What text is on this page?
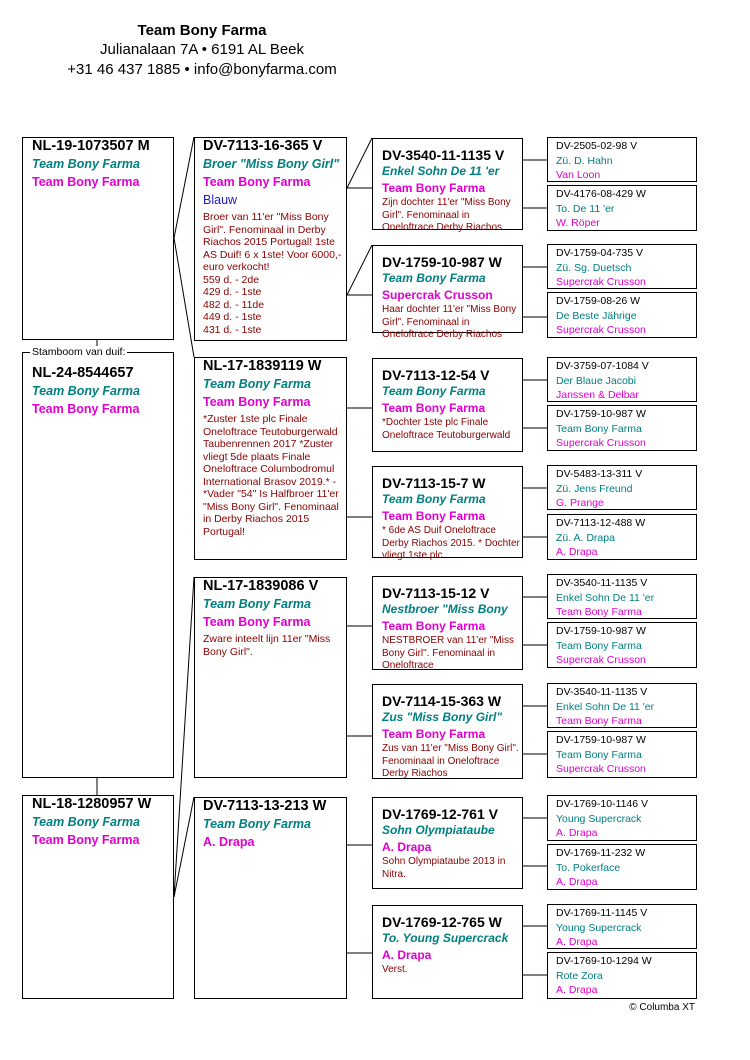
Team Bony Farma
Julianalaan 7A • 6191 AL Beek
+31 46 437 1885 • info@bonyfarma.com
NL-19-1073507 M
Team Bony Farma
Team Bony Farma
NL-24-8544657
Team Bony Farma
Team Bony Farma
Stamboom van duif:
NL-18-1280957 W
Team Bony Farma
Team Bony Farma
DV-7113-16-365 V
Broer "Miss Bony Girl"
Team Bony Farma
Blauw
Broer van 11'er "Miss Bony Girl". Fenominaal in Derby Riachos 2015 Portugal! 1ste AS Duif! 6 x 1ste! Voor 6000,- euro verkocht!
559 d. - 2de
429 d. - 1ste
482 d. - 11de
449 d. - 1ste
431 d. - 1ste
NL-17-1839119 W
Team Bony Farma
Team Bony Farma
*Zuster 1ste plc Finale Oneloftrace Teutoburgerwald Taubenrennen 2017 *Zuster vliegt 5de plaats Finale Oneloftrace Columbodromul International Brasov 2019.* - *Vader "54" Is Halfbroer 11'er "Miss Bony Girl". Fenominaal in Derby Riachos 2015 Portugal!
NL-17-1839086 V
Team Bony Farma
Team Bony Farma
Zware inteelt lijn 11er "Miss Bony Girl".
DV-7113-13-213 W
Team Bony Farma
A. Drapa
DV-3540-11-1135 V
Enkel Sohn De 11 'er
Team Bony Farma
Zijn dochter 11'er "Miss Bony Girl". Fenominaal in Oneloftrace Derby Riachos
DV-1759-10-987 W
Team Bony Farma
Supercrak Crusson
Haar dochter 11'er "Miss Bony Girl". Fenominaal in Oneloftrace Derby Riachos
DV-7113-12-54 V
Team Bony Farma
Team Bony Farma
*Dochter 1ste plc Finale Oneloftrace Teutoburgerwald
DV-7113-15-7 W
Team Bony Farma
Team Bony Farma
* 6de AS Duif Oneloftrace Derby Riachos 2015. * Dochter vliegt 1ste plc
DV-7113-15-12 V
Nestbroer "Miss Bony
Team Bony Farma
NESTBROER van 11'er "Miss Bony Girl". Fenominaal in Oneloftrace
DV-7114-15-363 W
Zus "Miss Bony Girl"
Team Bony Farma
Zus van 11'er "Miss Bony Girl". Fenominaal in Oneloftrace Derby Riachos
DV-1769-12-761 V
Sohn Olympiataube
A. Drapa
Sohn Olympiataube 2013 in Nitra.
DV-1769-12-765 W
To. Young Supercrack
A. Drapa
Verst.
DV-2505-02-98 V
Zü. D. Hahn
Van Loon
DV-4176-08-429 W
To. De 11 'er
W. Röper
DV-1759-04-735 V
Zü. Sg. Duetsch
Supercrak Crusson
DV-1759-08-26 W
De Beste Jährige
Supercrak Crusson
DV-3759-07-1084 V
Der Blaue Jacobi
Janssen & Delbar
DV-1759-10-987 W
Team Bony Farma
Supercrak Crusson
DV-5483-13-311 V
Zü. Jens Freund
G. Prange
DV-7113-12-488 W
Zü. A. Drapa
A. Drapa
DV-3540-11-1135 V
Enkel Sohn De 11 'er
Team Bony Farma
DV-1759-10-987 W
Team Bony Farma
Supercrak Crusson
DV-3540-11-1135 V
Enkel Sohn De 11 'er
Team Bony Farma
DV-1759-10-987 W
Team Bony Farma
Supercrak Crusson
DV-1769-10-1146 V
Young Supercrack
A. Drapa
DV-1769-11-232 W
To. Pokerface
A. Drapa
DV-1769-11-1145 V
Young Supercrack
A. Drapa
DV-1769-10-1294 W
Rote Zora
A. Drapa
© Columba XT
